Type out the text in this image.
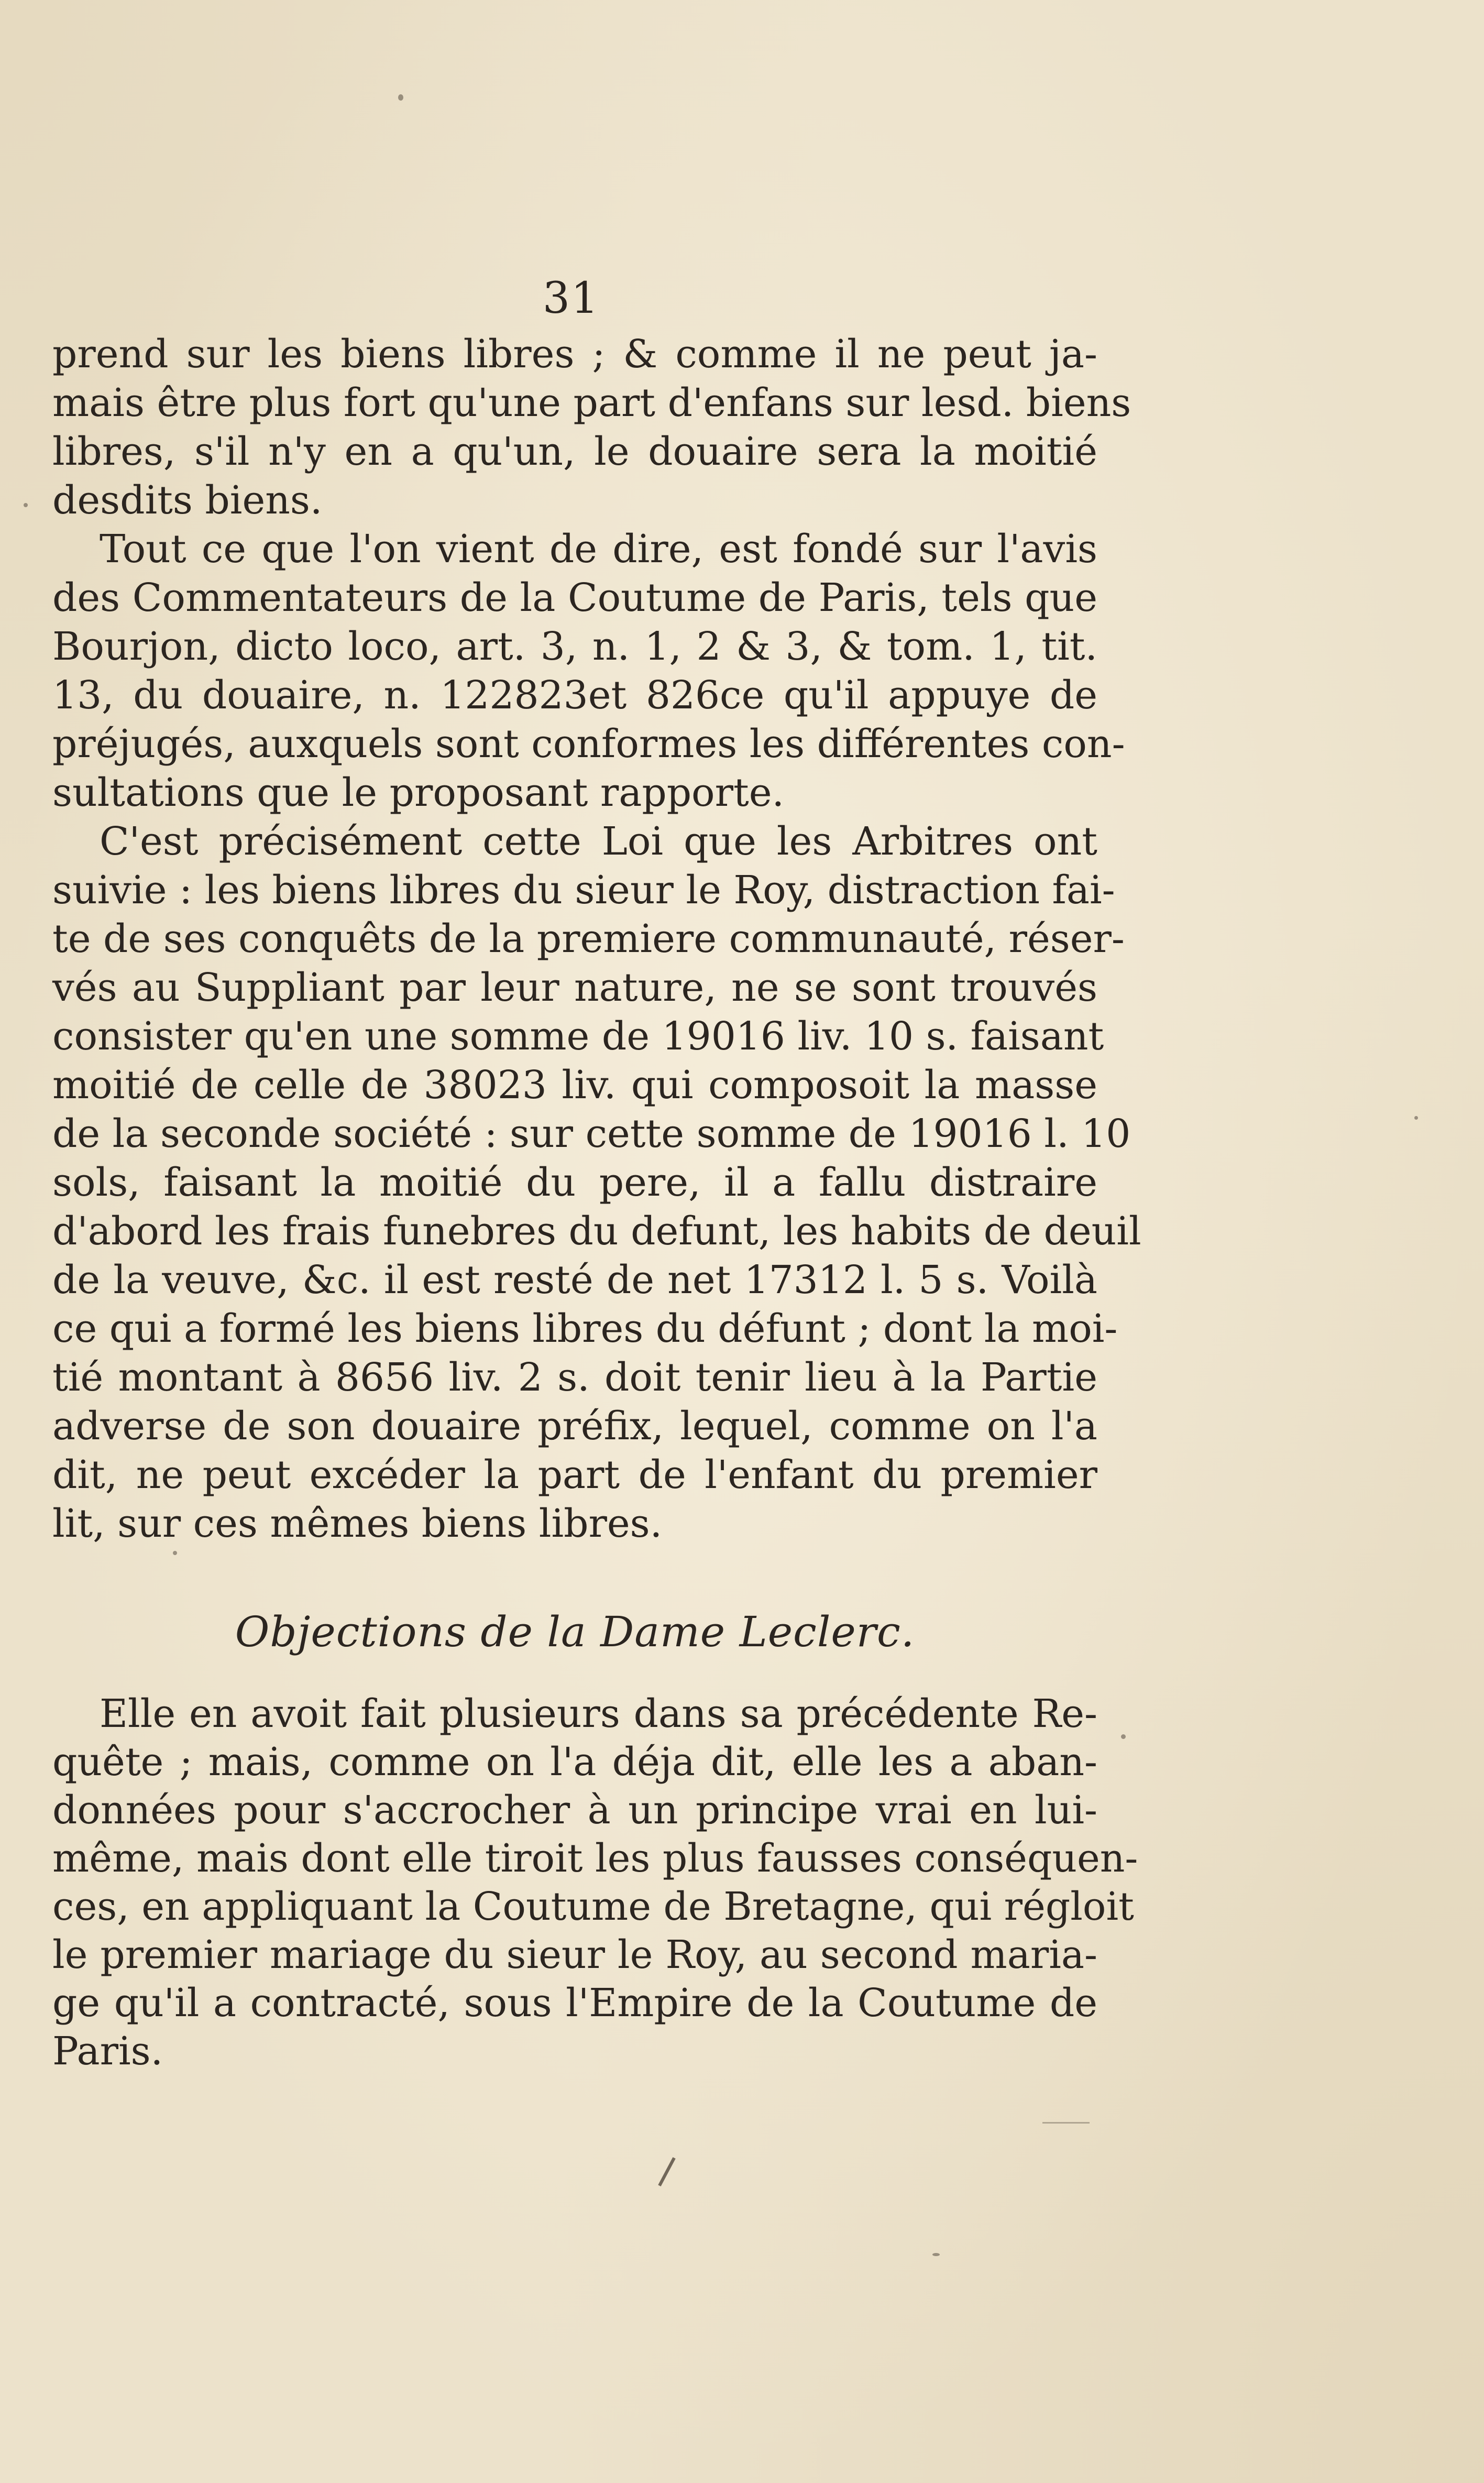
31
prend sur les biens libres ; & comme il ne peut ja-
mais être plus fort qu'une part d'enfans sur lesd. biens
libres, s'il n'y en a qu'un, le douaire sera la moitié
desdits biens.
Tout ce que l'on vient de dire, est fondé sur l'avis
des Commentateurs de la Coutume de Paris, tels que
Bourjon, dicto loco, art. 3, n. 1, 2 & 3, & tom. 1, tit.
13, du douaire, n. 122823et 826ce qu'il appuye de
préjugés, auxquels sont conformes les différentes con-
sultations que le proposant rapporte.
C'est précisément cette Loi que les Arbitres ont
suivie : les biens libres du sieur le Roy, distraction fai-
te de ses conquêts de la premiere communauté, réser-
vés au Suppliant par leur nature, ne se sont trouvés
consister qu'en une somme de 19016 liv. 10 s. faisant
moitié de celle de 38023 liv. qui composoit la masse
de la seconde société : sur cette somme de 19016 l. 10
sols, faisant la moitié du pere, il a fallu distraire
d'abord les frais funebres du defunt, les habits de deuil
de la veuve, &c. il est resté de net 17312 l. 5 s. Voilà
ce qui a formé les biens libres du défunt ; dont la moi-
tié montant à 8656 liv. 2 s. doit tenir lieu à la Partie
adverse de son douaire préfix, lequel, comme on l'a
dit, ne peut excéder la part de l'enfant du premier
lit, sur ces mêmes biens libres.
Objections de la Dame Leclerc.
Elle en avoit fait plusieurs dans sa précédente Re-
quête ; mais, comme on l'a déja dit, elle les a aban-
données pour s'accrocher à un principe vrai en lui-
même, mais dont elle tiroit les plus fausses conséquen-
ces, en appliquant la Coutume de Bretagne, qui régloit
le premier mariage du sieur le Roy, au second maria-
ge qu'il a contracté, sous l'Empire de la Coutume de
Paris.
